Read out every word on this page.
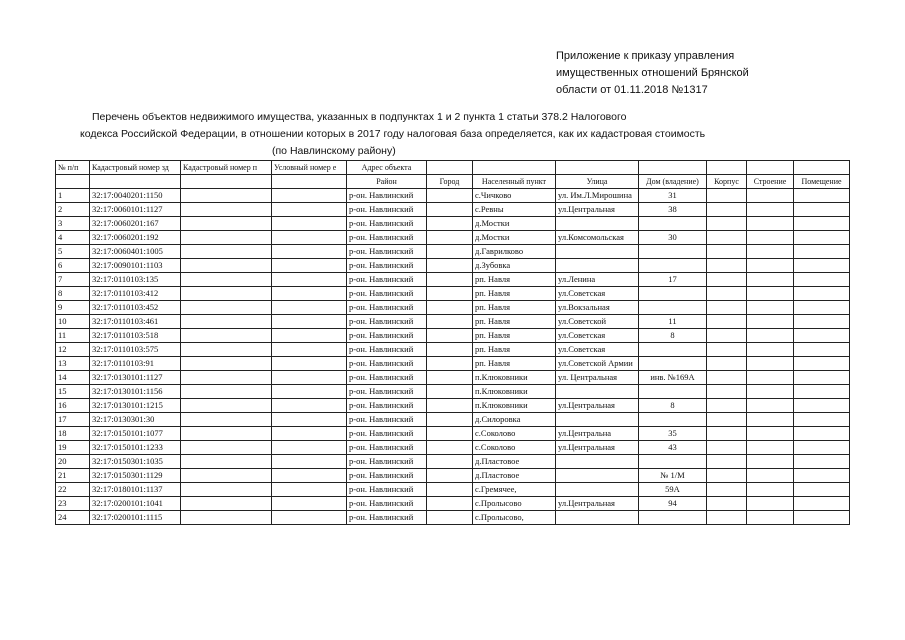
Приложение к приказу управления
имущественных отношений Брянской
области от 01.11.2018 №1317
Перечень объектов недвижимого имущества, указанных в подпунктах 1 и 2 пункта 1 статьи 378.2 Налогового
кодекса Российской Федерации, в отношении которых в 2017 году налоговая база определяется, как их кадастровая стоимость
(по Навлинскому району)
№ п/п	Кадастровый номер зд	Кадастровый номер п	Условный номер е	Адрес объекта							
				Район	Город	Населенный пункт	Улица	Дом (владение)	Корпус	Строение	Помещение
1	32:17:0040201:1150			р-он. Навлинский		с.Чичково	ул. Им.Л.Мирошина	31			
2	32:17:0060101:1127			р-он. Навлинский		с.Ревны	ул.Центральная	38			
3	32:17:0060201:167			р-он. Навлинский		д.Мостки					
4	32:17:0060201:192			р-он. Навлинский		д.Мостки	ул.Комсомольская	30			
5	32:17:0060401:1005			р-он. Навлинский		д.Гаврилково					
6	32:17:0090101:1103			р-он. Навлинский		д.Зубовка					
7	32:17:0110103:135			р-он. Навлинский		рп. Навля	ул.Ленина	17			
8	32:17:0110103:412			р-он. Навлинский		рп. Навля	ул.Советская				
9	32:17:0110103:452			р-он. Навлинский		рп. Навля	ул.Вокзальная				
10	32:17:0110103:461			р-он. Навлинский		рп. Навля	ул.Советской	11			
11	32:17:0110103:518			р-он. Навлинский		рп. Навля	ул.Советская	8			
12	32:17:0110103:575			р-он. Навлинский		рп. Навля	ул.Советская				
13	32:17:0110103:91			р-он. Навлинский		рп. Навля	ул.Советской Армии				
14	32:17:0130101:1127			р-он. Навлинский		п.Клюковники	ул. Центральная	инв. №169А			
15	32:17:0130101:1156			р-он. Навлинский		п.Клюковники					
16	32:17:0130101:1215			р-он. Навлинский		п.Клюковники	ул.Центральная	8			
17	32:17:0130301:30			р-он. Навлинский		д.Силоровка					
18	32:17:0150101:1077			р-он. Навлинский		с.Соколово	ул.Центральна	35			
19	32:17:0150101:1233			р-он. Навлинский		с.Соколово	ул.Центральная	43			
20	32:17:0150301:1035			р-он. Навлинский		д.Пластовое					
21	32:17:0150301:1129			р-он. Навлинский		д.Пластовое		№ 1/М			
22	32:17:0180101:1137			р-он. Навлинский		с.Гремячее,		59А			
23	32:17:0200101:1041			р-он. Навлинский		с.Пролысово	ул.Центральная	94			
24	32:17:0200101:1115			р-он. Навлинский		с.Пролысово,					
